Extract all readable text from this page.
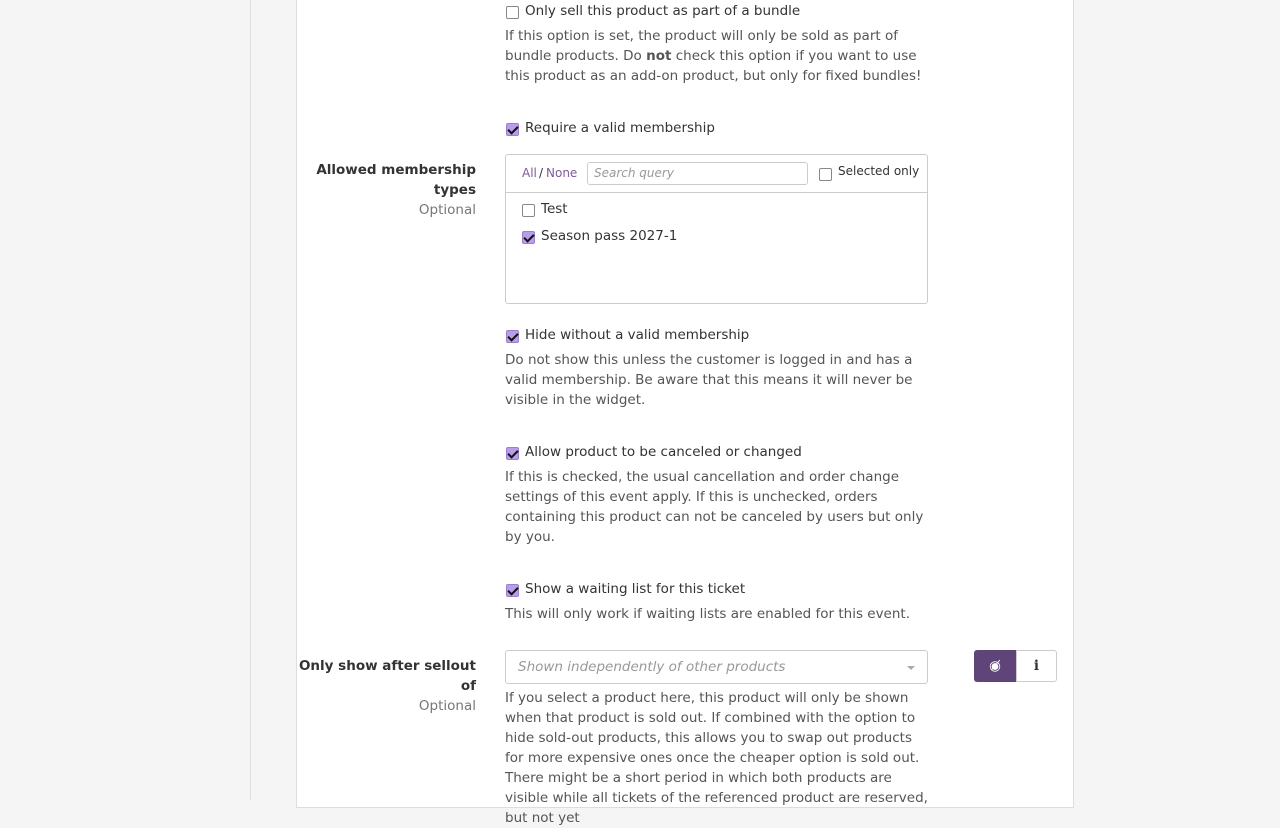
Only sell this product as part of a bundle
If this option is set, the product will only be sold as part of bundle products. Do not check this option if you want to use this product as an add-on product, but only for fixed bundles!
Require a valid membership
Allowed membership types
Optional
All / None	Search query	Selected only
Test
Season pass 2027-1
Hide without a valid membership
Do not show this unless the customer is logged in and has a valid membership. Be aware that this means it will never be visible in the widget.
Allow product to be canceled or changed
If this is checked, the usual cancellation and order change settings of this event apply. If this is unchecked, orders containing this product can not be canceled by users but only by you.
Show a waiting list for this ticket
This will only work if waiting lists are enabled for this event.
Only show after sellout of
Optional
Shown independently of other products	◉̸	i
If you select a product here, this product will only be shown when that product is sold out. If combined with the option to hide sold-out products, this allows you to swap out products for more expensive ones once the cheaper option is sold out. There might be a short period in which both products are visible while all tickets of the referenced product are reserved, but not yet
